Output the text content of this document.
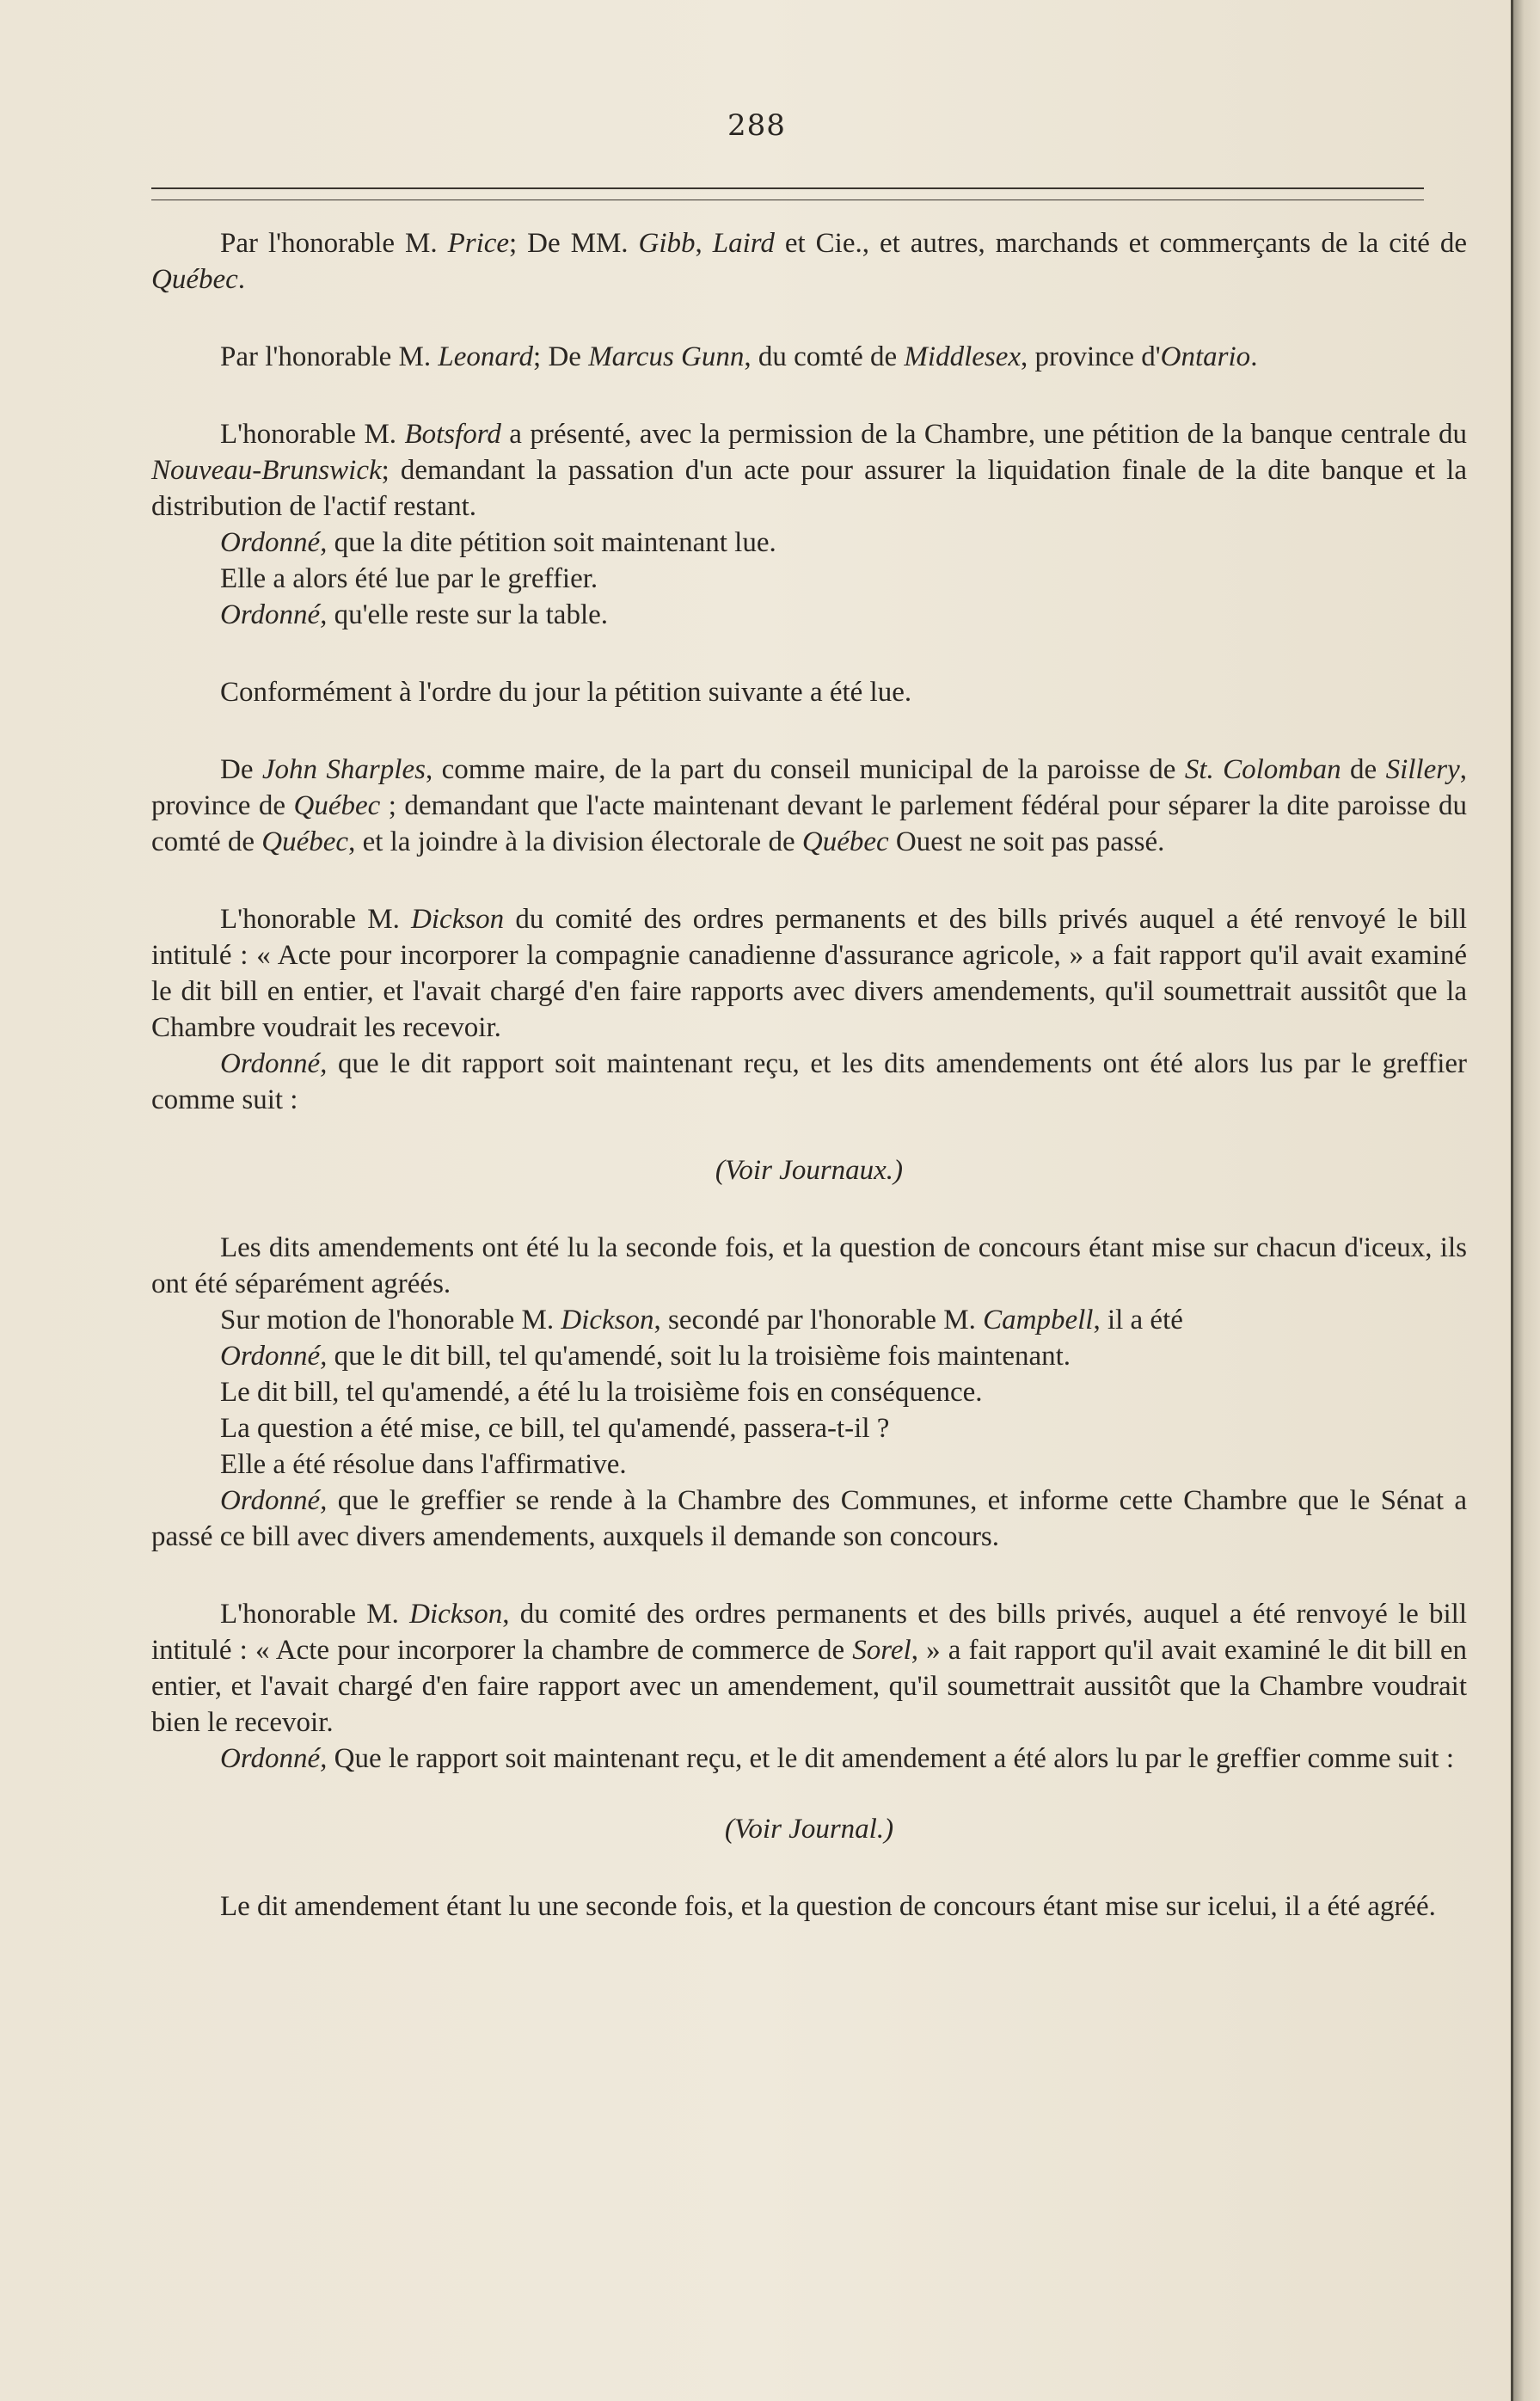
288

Par l'honorable M. Price; De MM. Gibb, Laird et Cie., et autres, marchands et commerçants de la cité de Québec.

Par l'honorable M. Leonard; De Marcus Gunn, du comté de Middlesex, province d'Ontario.

L'honorable M. Botsford a présenté, avec la permission de la Chambre, une pétition de la banque centrale du Nouveau-Brunswick; demandant la passation d'un acte pour assurer la liquidation finale de la dite banque et la distribution de l'actif restant.

Ordonné, que la dite pétition soit maintenant lue.

Elle a alors été lue par le greffier.

Ordonné, qu'elle reste sur la table.

Conformément à l'ordre du jour la pétition suivante a été lue.

De John Sharples, comme maire, de la part du conseil municipal de la paroisse de St. Colomban de Sillery, province de Québec ; demandant que l'acte maintenant devant le parlement fédéral pour séparer la dite paroisse du comté de Québec, et la joindre à la division électorale de Québec Ouest ne soit pas passé.

L'honorable M. Dickson du comité des ordres permanents et des bills privés auquel a été renvoyé le bill intitulé : « Acte pour incorporer la compagnie canadienne d'assurance agricole, » a fait rapport qu'il avait examiné le dit bill en entier, et l'avait chargé d'en faire rapports avec divers amendements, qu'il soumettrait aussitôt que la Chambre voudrait les recevoir.

Ordonné, que le dit rapport soit maintenant reçu, et les dits amendements ont été alors lus par le greffier comme suit :

(Voir Journaux.)

Les dits amendements ont été lu la seconde fois, et la question de concours étant mise sur chacun d'iceux, ils ont été séparément agréés.

Sur motion de l'honorable M. Dickson, secondé par l'honorable M. Campbell, il a été

Ordonné, que le dit bill, tel qu'amendé, soit lu la troisième fois maintenant.

Le dit bill, tel qu'amendé, a été lu la troisième fois en conséquence.

La question a été mise, ce bill, tel qu'amendé, passera-t-il ?

Elle a été résolue dans l'affirmative.

Ordonné, que le greffier se rende à la Chambre des Communes, et informe cette Chambre que le Sénat a passé ce bill avec divers amendements, auxquels il demande son concours.

L'honorable M. Dickson, du comité des ordres permanents et des bills privés, auquel a été renvoyé le bill intitulé : « Acte pour incorporer la chambre de commerce de Sorel, » a fait rapport qu'il avait examiné le dit bill en entier, et l'avait chargé d'en faire rapport avec un amendement, qu'il soumettrait aussitôt que la Chambre voudrait bien le recevoir.

Ordonné, Que le rapport soit maintenant reçu, et le dit amendement a été alors lu par le greffier comme suit :

(Voir Journal.)

Le dit amendement étant lu une seconde fois, et la question de concours étant mise sur icelui, il a été agréé.
